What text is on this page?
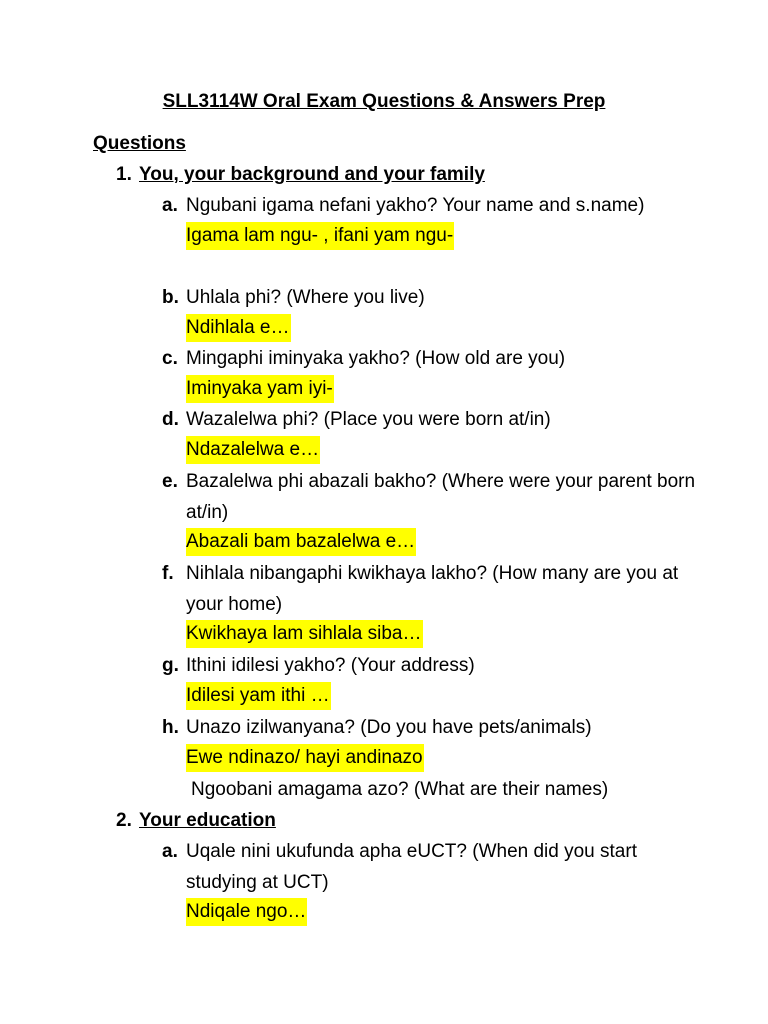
SLL3114W Oral Exam Questions & Answers Prep
Questions
1. You, your background and your family
a. Ngubani igama nefani yakho? Your name and s.name)
Igama lam ngu- , ifani yam ngu-
b. Uhlala phi? (Where you live)
Ndihlala e…
c. Mingaphi iminyaka yakho? (How old are you)
Iminyaka yam iyi-
d. Wazalelwa phi? (Place you were born at/in)
Ndazalelwa e…
e. Bazalelwa phi abazali bakho? (Where were your parent born at/in)
Abazali bam bazalelwa e…
f. Nihlala nibangaphi kwikhaya lakho? (How many are you at your home)
Kwikhaya lam sihlala siba…
g. Ithini idilesi yakho? (Your address)
Idilesi yam ithi …
h. Unazo izilwanyana? (Do you have pets/animals)
Ewe ndinazo/ hayi andinazo
Ngoobani amagama azo? (What are their names)
2. Your education
a. Uqale nini ukufunda apha eUCT? (When did you start studying at UCT)
Ndiqale ngo…
